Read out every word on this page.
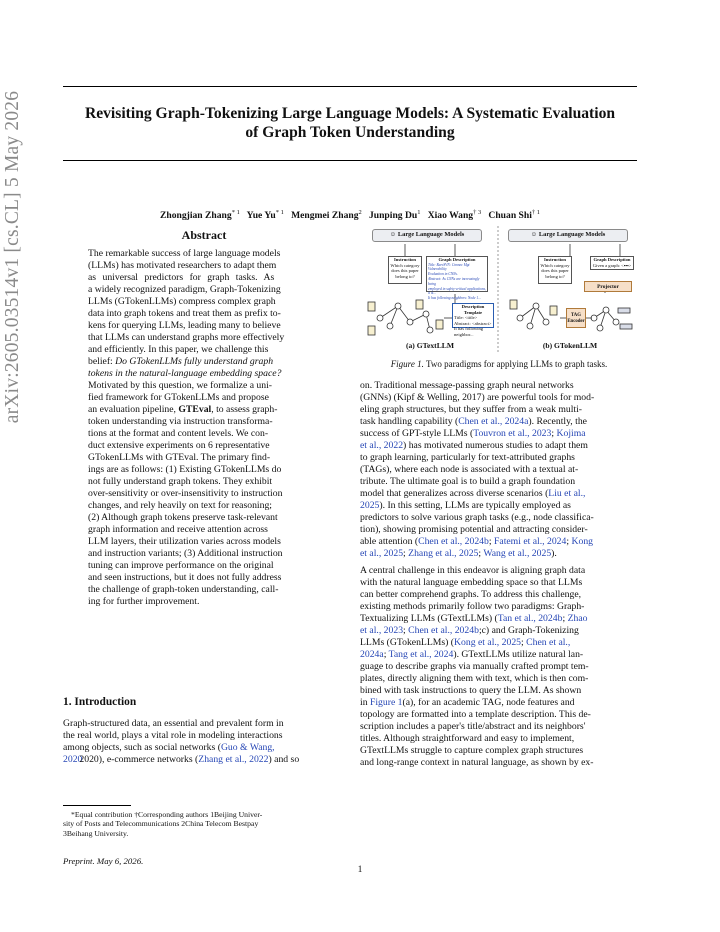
arXiv:2605.03514v1 [cs.CL] 5 May 2026	Revisiting Graph-Tokenizing Large Language Models: A Systematic Evaluation
of Graph Token Understanding
Zhongjian Zhang$^{* 1}$ Yue Yu$^{* 1}$ Mengmei Zhang$^2$ Junping Du$^1$ Xiao Wang$^{\dagger 3}$ Chuan Shi$^{\dagger 1}$
Abstract
The remarkable success of large language models
(LLMs) has motivated researchers to adapt them
as universal predictors for graph tasks. As
a widely recognized paradigm, Graph-Tokenizing
LLMs (GTokenLLMs) compress complex graph
data into graph tokens and treat them as prefix to-
kens for querying LLMs, leading many to believe
that LLMs can understand graphs more effectively
and efficiently. In this paper, we challenge this
belief: Do GTokenLLMs fully understand graph
tokens in the natural-language embedding space?
Motivated by this question, we formalize a uni-
fied framework for GTokenLLMs and propose
an evaluation pipeline, GTEval, to assess graph-
token understanding via instruction transforma-
tions at the format and content levels. We con-
duct extensive experiments on 6 representative
GTokenLLMs with GTEval. The primary find-
ings are as follows: (1) Existing GTokenLLMs do
not fully understand graph tokens. They exhibit
over-sensitivity or over-insensitivity to instruction
changes, and rely heavily on text for reasoning;
(2) Although graph tokens preserve task-relevant
graph information and receive attention across
LLM layers, their utilization varies across models
and instruction variants; (3) Additional instruction
tuning can improve performance on the original
and seen instructions, but it does not fully address
the challenge of graph-token understanding, call-
ing for further improvement.
1. Introduction
Graph-structured data, an essential and prevalent form in
the real world, plays a vital role in modeling interactions
among objects, such as social networks (Guo & Wang,
20202020), e-commerce networks (Zhang et al., 2022) and so
*Equal contribution †Corresponding authors 1Beijing Univer-
sity of Posts and Telecommunications 2China Telecom Bestpay
3Beihang University.
Preprint. May 6, 2026.
☺ Large Language Models
Instruction
Which category does this paper belong to?
Graph Description
Title: RareSVN: Cnnnec Mgt Vulnerability
Evaluation in CNNs.
Abstract: As CNNs are increasingly being
employed in safety-critical applications, it is...
It has following neighbors: Node 1...
Description Template
Title: <title>
Abstract: <abstract>
It has following neighbor...
☺ Large Language Models
Instruction
Which category does this paper belong to?
Graph Description
Given a graph: <▪▪▪>
Projector
TAG Encoder
(a) GTextLLM	(b) GTokenLLM
Figure 1. Two paradigms for applying LLMs to graph tasks.
on. Traditional message-passing graph neural networks
(GNNs) (Kipf & Welling, 2017) are powerful tools for mod-
eling graph structures, but they suffer from a weak multi-
task handling capability (Chen et al., 2024a). Recently, the
success of GPT-style LLMs (Touvron et al., 2023; Kojima
et al., 2022) has motivated numerous studies to adapt them
to graph learning, particularly for text-attributed graphs
(TAGs), where each node is associated with a textual at-
tribute. The ultimate goal is to build a graph foundation
model that generalizes across diverse scenarios (Liu et al.,
2025). In this setting, LLMs are typically employed as
predictors to solve various graph tasks (e.g., node classifica-
tion), showing promising potential and attracting consider-
able attention (Chen et al., 2024b; Fatemi et al., 2024; Kong
et al., 2025; Zhang et al., 2025; Wang et al., 2025).
A central challenge in this endeavor is aligning graph data
with the natural language embedding space so that LLMs
can better comprehend graphs. To address this challenge,
existing methods primarily follow two paradigms: Graph-
Textualizing LLMs (GTextLLMs) (Tan et al., 2024b; Zhao
et al., 2023; Chen et al., 2024b;c) and Graph-Tokenizing
LLMs (GTokenLLMs) (Kong et al., 2025; Chen et al.,
2024a; Tang et al., 2024). GTextLLMs utilize natural lan-
guage to describe graphs via manually crafted prompt tem-
plates, directly aligning them with text, which is then com-
bined with task instructions to query the LLM. As shown
in Figure 1(a), for an academic TAG, node features and
topology are formatted into a template description. This de-
scription includes a paper's title/abstract and its neighbors'
titles. Although straightforward and easy to implement,
GTextLLMs struggle to capture complex graph structures
and long-range context in natural language, as shown by ex-
1
